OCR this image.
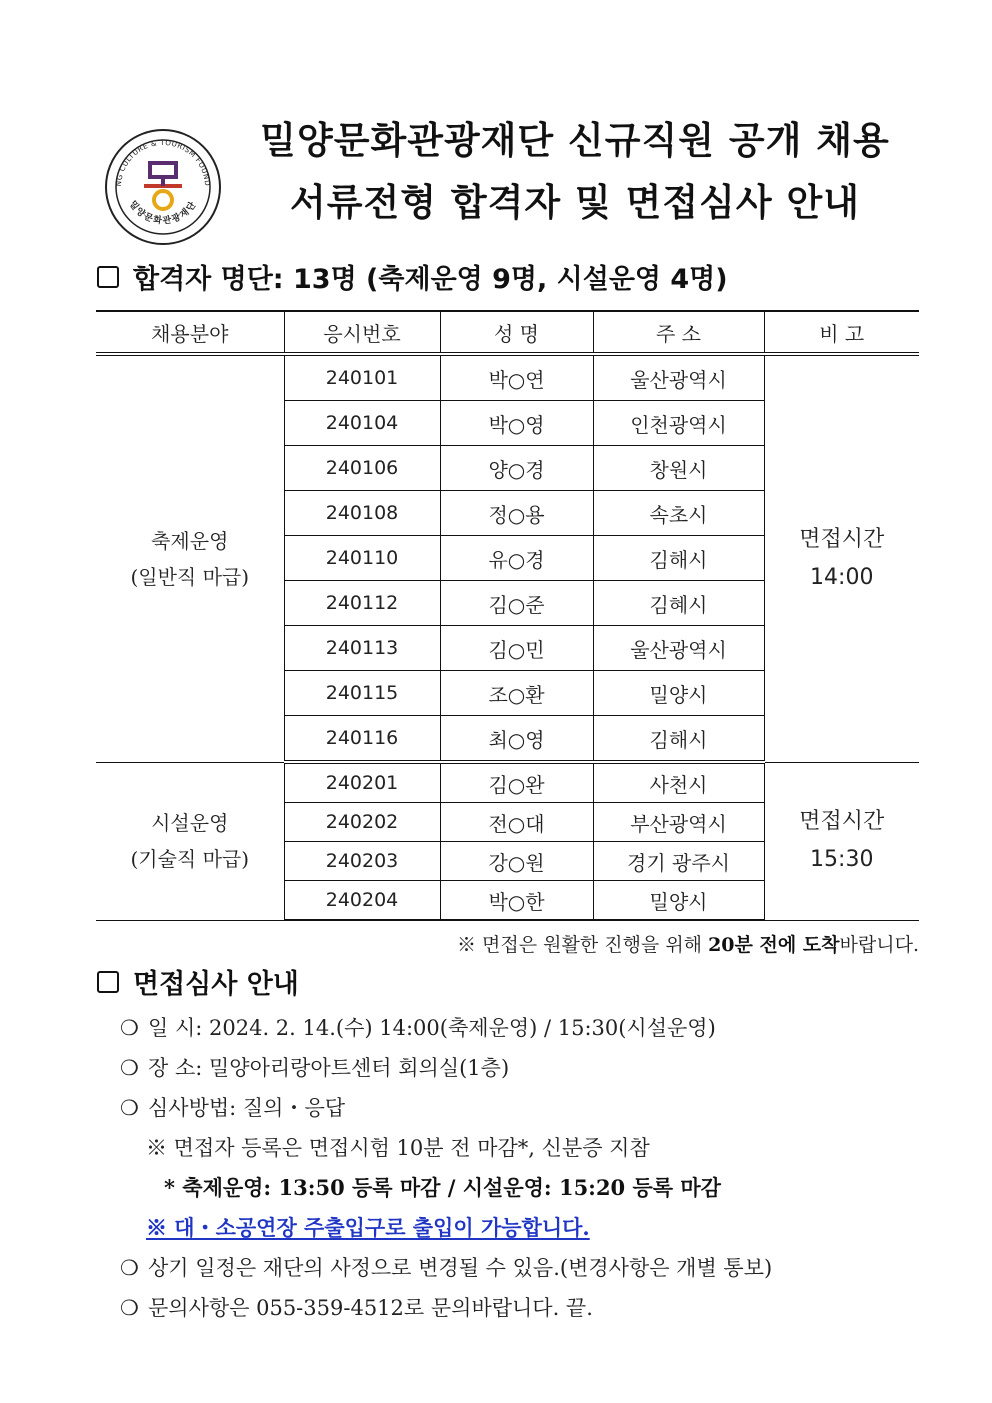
NG CULTURE & TOURISM FOUND
밀양문화관광재단
밀양문화관광재단 신규직원 공개 채용
서류전형 합격자 및 면접심사 안내
합격자 명단: 13명 (축제운영 9명, 시설운영 4명)
채용분야	응시번호	성 명	주 소	비 고

축제운영
(일반직 마급)	240101	박○연	울산광역시	면접시간
14:00

	240104	박○영	인천광역시	
	240106	양○경	창원시	
	240108	정○용	속초시	
	240110	유○경	김해시	
	240112	김○준	김혜시	
	240113	김○민	울산광역시	
	240115	조○환	밀양시	
	240116	최○영	김해시	

시설운영
(기술직 마급)	240201	김○완	사천시	면접시간
15:30

	240202	전○대	부산광역시	
	240203	강○원	경기 광주시	
	240204	박○한	밀양시	
※ 면접은 원활한 진행을 위해 20분 전에 도착바랍니다.
면접심사 안내
❍ 일 시: 2024. 2. 14.(수) 14:00(축제운영) / 15:30(시설운영)
❍ 장 소: 밀양아리랑아트센터 회의실(1층)
❍ 심사방법: 질의・응답
※ 면접자 등록은 면접시험 10분 전 마감*, 신분증 지참
* 축제운영: 13:50 등록 마감 / 시설운영: 15:20 등록 마감
※ 대・소공연장 주출입구로 출입이 가능합니다.
❍ 상기 일정은 재단의 사정으로 변경될 수 있음.(변경사항은 개별 통보)
❍ 문의사항은 055-359-4512로 문의바랍니다. 끝.
